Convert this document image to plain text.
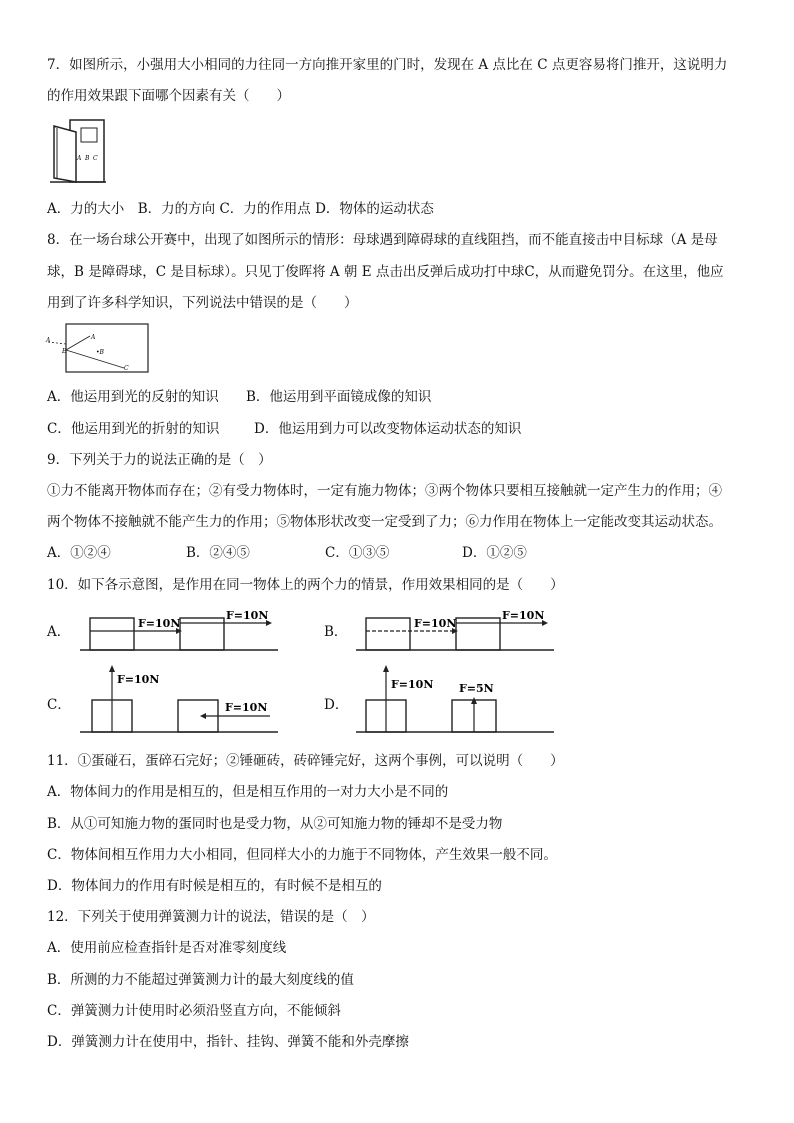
7．如图所示，小强用大小相同的力往同一方向推开家里的门时，发现在 A 点比在 C 点更容易将门推开，这说明力
的作用效果跟下面哪个因素有关（　　）
A B C
A．力的大小　B．力的方向 C．力的作用点 D．物体的运动状态
8．在一场台球公开赛中，出现了如图所示的情形：母球遇到障碍球的直线阻挡，而不能直接击中目标球（A 是母
球，B 是障碍球，C 是目标球）。只见丁俊晖将 A 朝 E 点击出反弹后成功打中球C，从而避免罚分。在这里，他应
用到了许多科学知识，下列说法中错误的是（　　）
A
E
A
•B
C
A．他运用到光的反射的知识 B．他运用到平面镜成像的知识
C．他运用到光的折射的知识	D．他运用到力可以改变物体运动状态的知识
9．下列关于力的说法正确的是（　）
①力不能离开物体而存在；②有受力物体时，一定有施力物体；③两个物体只要相互接触就一定产生力的作用；④
两个物体不接触就不能产生力的作用；⑤物体形状改变一定受到了力；⑥力作用在物体上一定能改变其运动状态。
A．①②④	B．②④⑤	C．①③⑤	D．①②⑤
10．如下各示意图，是作用在同一物体上的两个力的情景，作用效果相同的是（　　）
A．
F=10N
F=10N
B．
F=10N
F=10N
C．
F=10N
F=10N	D．
F=10N F=5N
11．①蛋碰石，蛋碎石完好；②锤砸砖，砖碎锤完好，这两个事例，可以说明（　　）
A．物体间力的作用是相互的，但是相互作用的一对力大小是不同的
B．从①可知施力物的蛋同时也是受力物，从②可知施力物的锤却不是受力物
C．物体间相互作用力大小相同，但同样大小的力施于不同物体，产生效果一般不同。
D．物体间力的作用有时候是相互的，有时候不是相互的
12．下列关于使用弹簧测力计的说法，错误的是（　）
A．使用前应检查指针是否对准零刻度线
B．所测的力不能超过弹簧测力计的最大刻度线的值
C．弹簧测力计使用时必须沿竖直方向，不能倾斜
D．弹簧测力计在使用中，指针、挂钩、弹簧不能和外壳摩擦
